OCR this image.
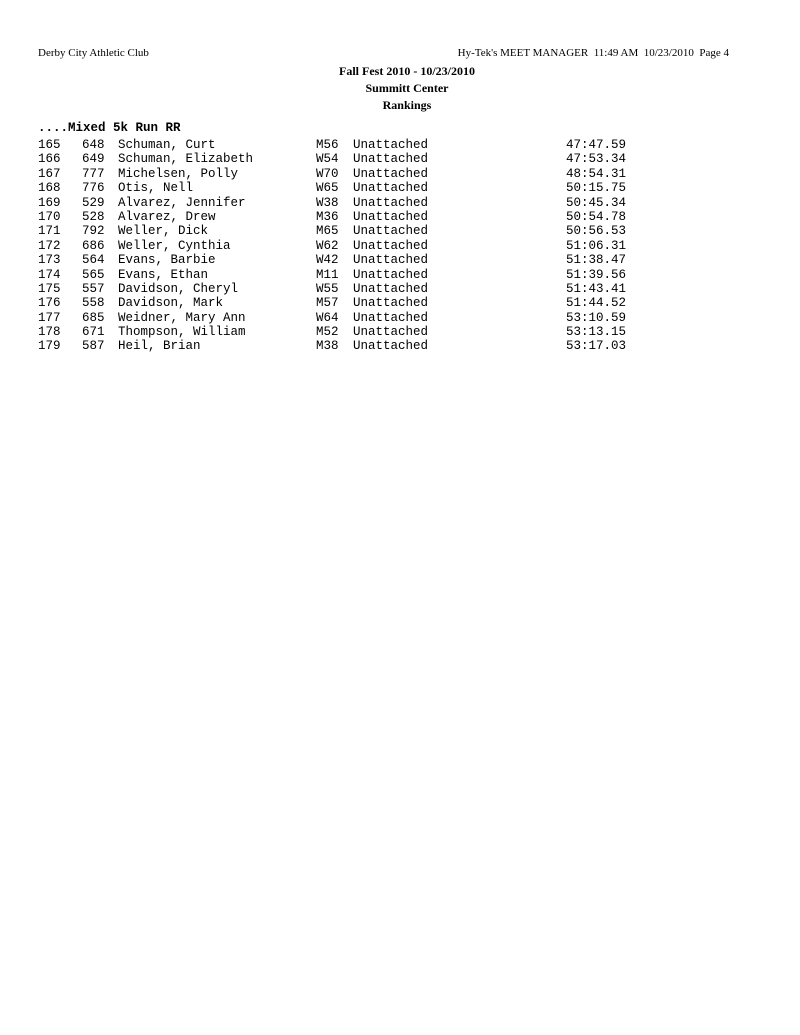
Derby City Athletic Club	Hy-Tek's MEET MANAGER 11:49 AM 10/23/2010 Page 4
Fall Fest 2010 - 10/23/2010
Summitt Center
Rankings
....Mixed 5k Run RR
165 648 Schuman, Curt	M56 Unattached	47:47.59
166 649 Schuman, Elizabeth	W54 Unattached	47:53.34
167 777 Michelsen, Polly	W70 Unattached	48:54.31
168 776 Otis, Nell	W65 Unattached	50:15.75
169 529 Alvarez, Jennifer	W38 Unattached	50:45.34
170 528 Alvarez, Drew	M36 Unattached	50:54.78
171 792 Weller, Dick	M65 Unattached	50:56.53
172 686 Weller, Cynthia	W62 Unattached	51:06.31
173 564 Evans, Barbie	W42 Unattached	51:38.47
174 565 Evans, Ethan	M11 Unattached	51:39.56
175 557 Davidson, Cheryl	W55 Unattached	51:43.41
176 558 Davidson, Mark	M57 Unattached	51:44.52
177 685 Weidner, Mary Ann	W64 Unattached	53:10.59
178 671 Thompson, William	M52 Unattached	53:13.15
179 587 Heil, Brian	M38 Unattached	53:17.03
